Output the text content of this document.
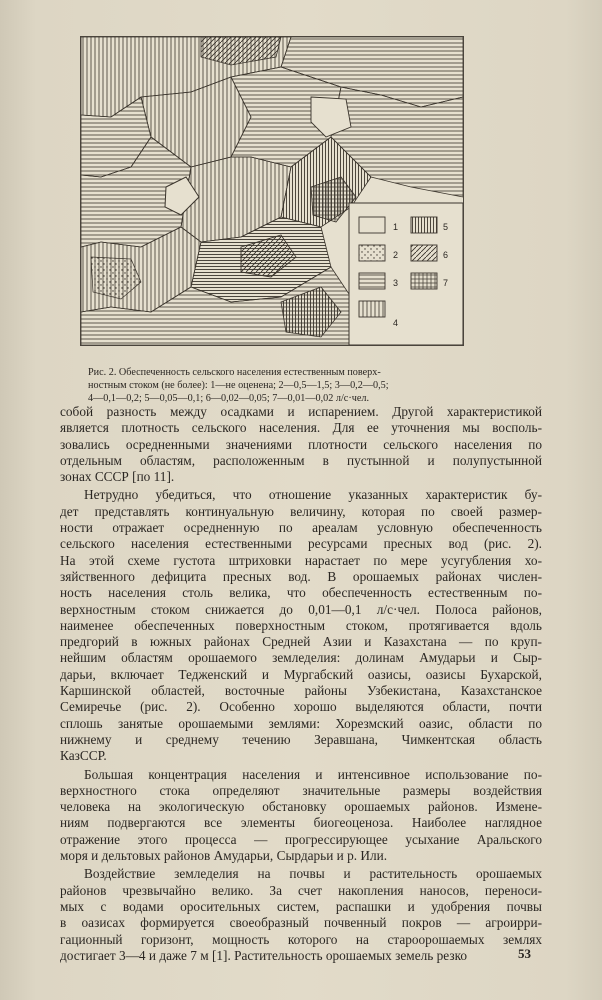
1
2
3
4
5
6
7
Рис. 2. Обеспеченность сельского населения естественным поверх-
ностным стоком (не более): 1—не оценена; 2—0,5—1,5; 3—0,2—0,5;
4—0,1—0,2; 5—0,05—0,1; 6—0,02—0,05; 7—0,01—0,02 л/с·чел.

собой разность между осадками и испарением. Другой характеристикой
является плотность сельского населения. Для ее уточнения мы восполь-
зовались осредненными значениями плотности сельского населения по
отдельным областям, расположенным в пустынной и полупустынной
зонах СССР [по 11].

Нетрудно убедиться, что отношение указанных характеристик бу-
дет представлять континуальную величину, которая по своей размер-
ности отражает осредненную по ареалам условную обеспеченность
сельского населения естественными ресурсами пресных вод (рис. 2).
На этой схеме густота штриховки нарастает по мере усугубления хо-
зяйственного дефицита пресных вод. В орошаемых районах числен-
ность населения столь велика, что обеспеченность естественным по-
верхностным стоком снижается до 0,01—0,1 л/с·чел. Полоса районов,
наименее обеспеченных поверхностным стоком, протягивается вдоль
предгорий в южных районах Средней Азии и Казахстана — по круп-
нейшим областям орошаемого земледелия: долинам Амударьи и Сыр-
дарьи, включает Тедженский и Мургабский оазисы, оазисы Бухарской,
Каршинской областей, восточные районы Узбекистана, Казахстанское
Семиречье (рис. 2). Особенно хорошо выделяются области, почти
сплошь занятые орошаемыми землями: Хорезмский оазис, области по
нижнему и среднему течению Зеравшана, Чимкентская область
КазССР.

Большая концентрация населения и интенсивное использование по-
верхностного стока определяют значительные размеры воздействия
человека на экологическую обстановку орошаемых районов. Измене-
ниям подвергаются все элементы биогеоценоза. Наиболее наглядное
отражение этого процесса — прогрессирующее усыхание Аральского
моря и дельтовых районов Амударьи, Сырдарьи и р. Или.

Воздействие земледелия на почвы и растительность орошаемых
районов чрезвычайно велико. За счет накопления наносов, переноси-
мых с водами оросительных систем, распашки и удобрения почвы
в оазисах формируется своеобразный почвенный покров — агроирри-
гационный горизонт, мощность которого на староорошаемых землях
достигает 3—4 и даже 7 м [1]. Растительность орошаемых земель резко	53
